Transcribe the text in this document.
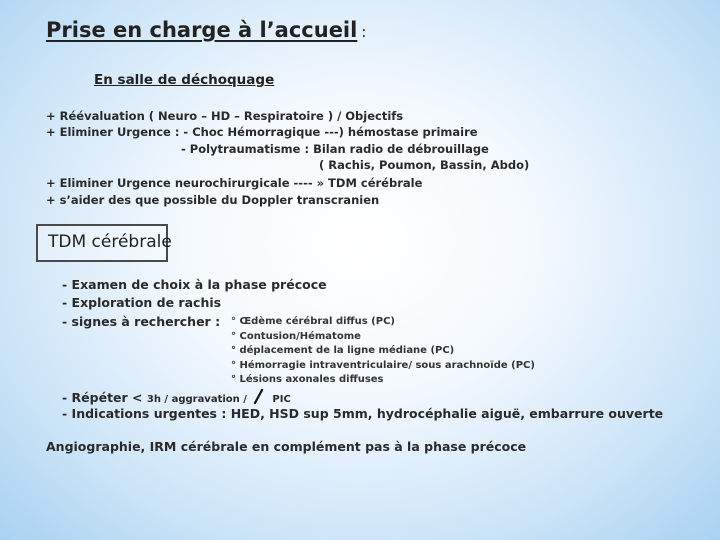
Prise en charge à l’accueil :
En salle de déchoquage
+ Réévaluation ( Neuro – HD – Respiratoire ) / Objectifs
+ Eliminer Urgence : - Choc Hémorragique ---) hémostase primaire
- Polytraumatisme : Bilan radio de débrouillage
( Rachis, Poumon, Bassin, Abdo)
+ Eliminer Urgence neurochirurgicale ---- » TDM cérébrale
+ s’aider des que possible du Doppler transcranien
TDM cérébrale
- Examen de choix à la phase précoce
- Exploration de rachis
- signes à rechercher : ° Œdème cérébral diffus (PC)
° Contusion/Hématome
° déplacement de la ligne médiane (PC)
° Hémorragie intraventriculaire/ sous arachnoïde (PC)
° Lésions axonales diffuses
- Répéter < 3h / aggravation / PIC
- Indications urgentes : HED, HSD sup 5mm, hydrocéphalie aiguë, embarrure ouverte
Angiographie, IRM cérébrale en complément pas à la phase précoce
